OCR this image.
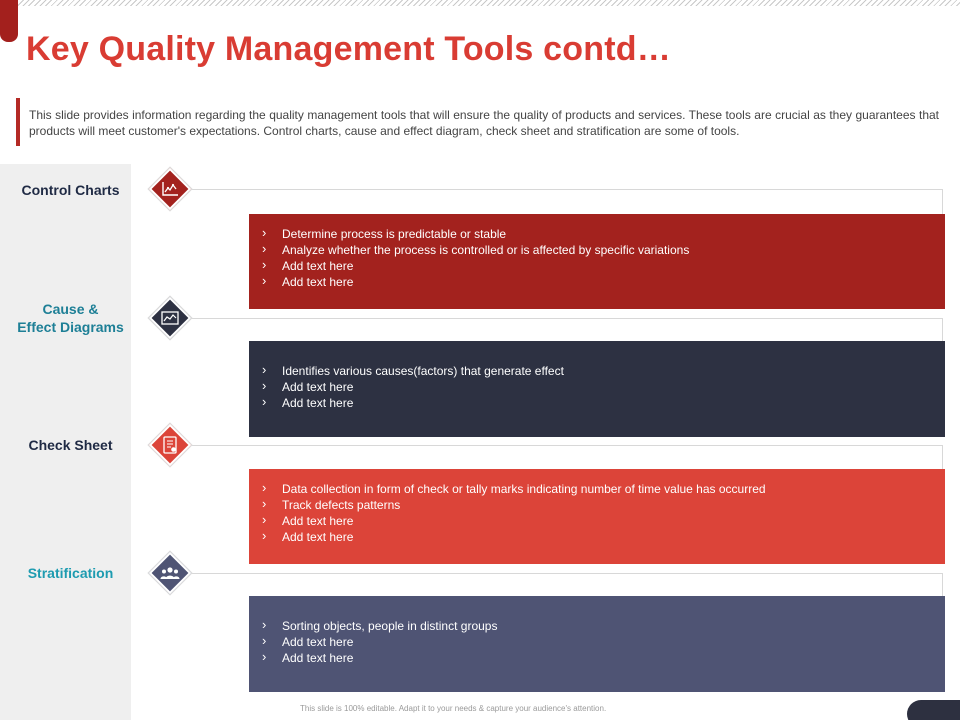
Key Quality Management Tools contd…

This slide provides information regarding the quality management tools that will ensure the quality of products and services. These tools are crucial as they guarantees that products will meet customer's expectations. Control charts, cause and effect diagram, check sheet and stratification are some of tools.

Control Charts
Cause &
Effect Diagrams
Check Sheet
Stratification
› Determine process is predictable or stable
› Analyze whether the process is controlled or is affected by specific variations
› Add text here
› Add text here
› Identifies various causes(factors) that generate effect
› Add text here
› Add text here
› Data collection in form of check or tally marks indicating number of time value has occurred
› Track defects patterns
› Add text here
› Add text here
› Sorting objects, people in distinct groups
› Add text here
› Add text here
This slide is 100% editable. Adapt it to your needs & capture your audience's attention.
